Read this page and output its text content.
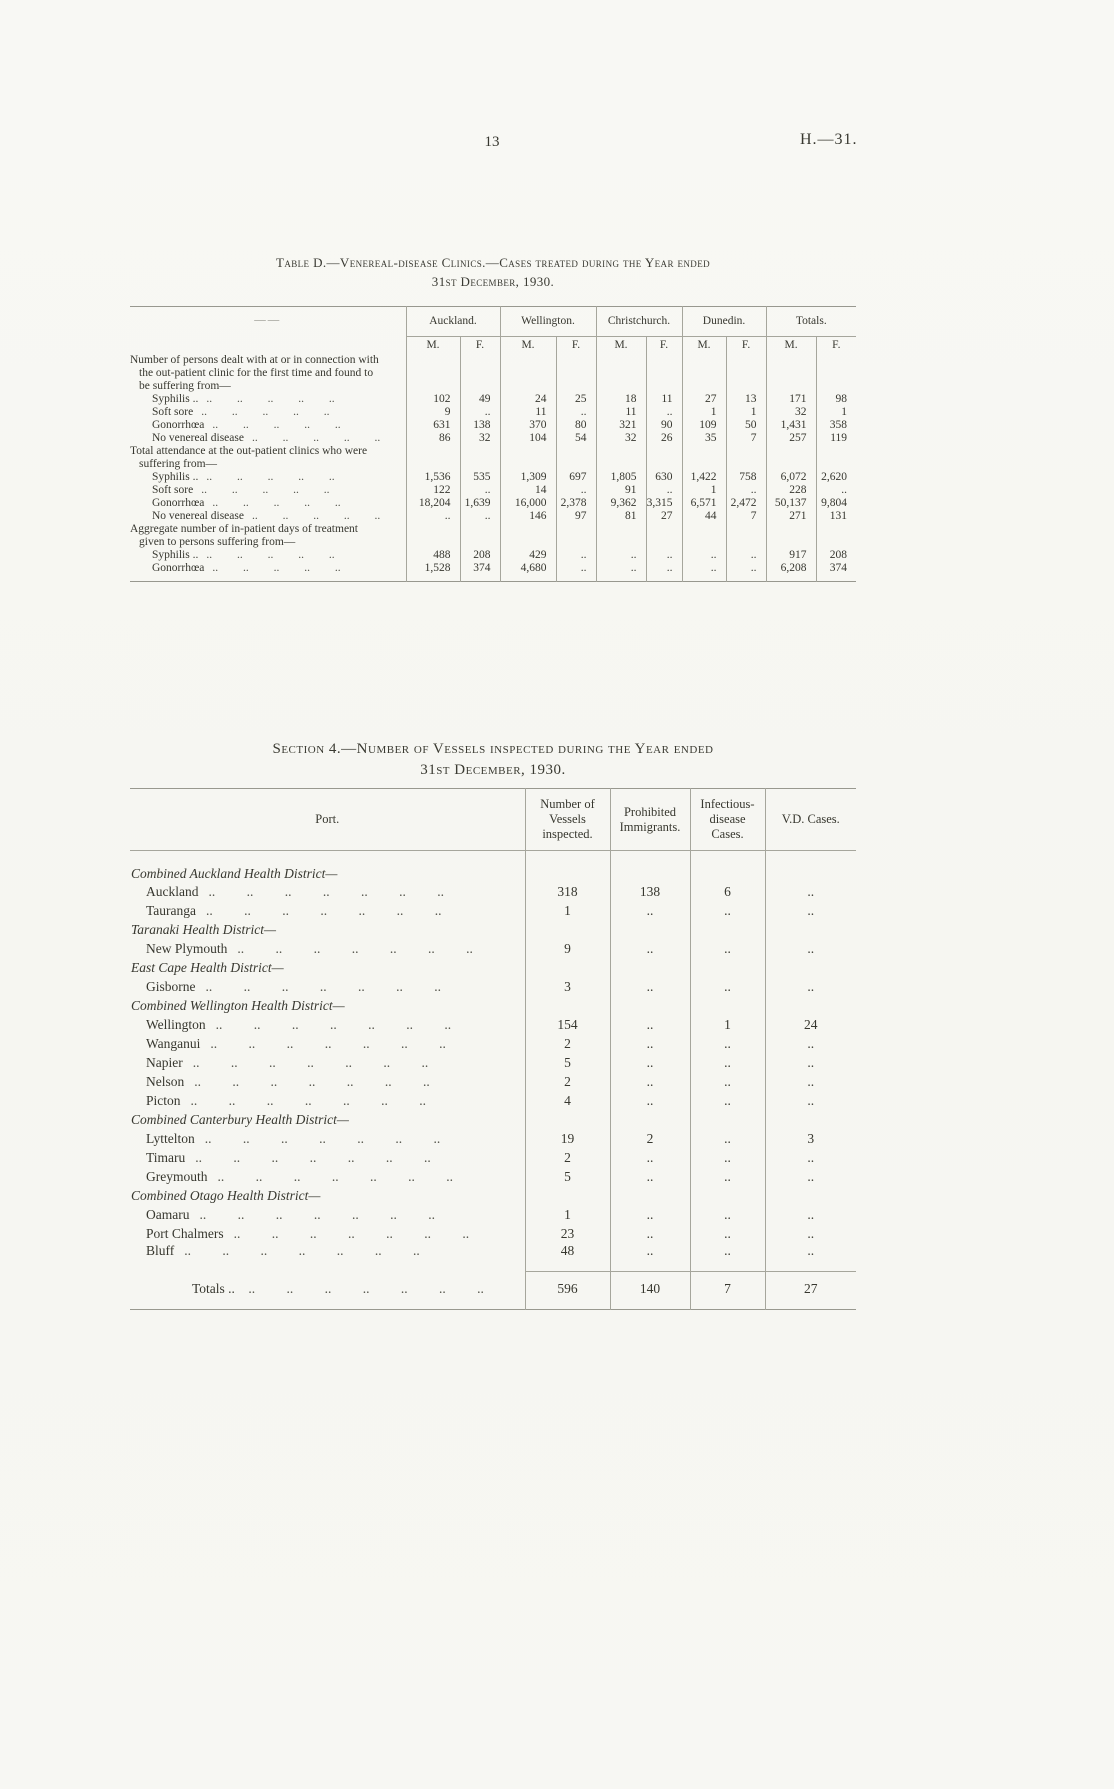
13	H.—31.
Table D.—Venereal-disease Clinics.—Cases treated during the Year ended
31st December, 1930.
——	Auckland.		Wellington.		Christchurch.		Dunedin.		Totals.	
	M.	F.	M.	F.	M.	F.	M.	F.	M.	F.
Number of persons dealt with at or in connection with the out-patient clinic for the first time and found to be suffering from—										
Syphilis .. .. .. .. .. ..	102	49	24	25	18	11	27	13	171	98
Soft sore .. .. .. .. ..	9	..	11	..	11	..	1	1	32	1
Gonorrhœa .. .. .. .. ..	631	138	370	80	321	90	109	50	1,431	358
No venereal disease .. .. .. .. ..	86	32	104	54	32	26	35	7	257	119
Total attendance at the out-patient clinics who were suffering from—										
Syphilis .. .. .. .. .. ..	1,536	535	1,309	697	1,805	630	1,422	758	6,072	2,620
Soft sore .. .. .. .. ..	122	..	14	..	91	..	1	..	228	..
Gonorrhœa .. .. .. .. ..	18,204	1,639	16,000	2,378	9,362	3,315	6,571	2,472	50,137	9,804
No venereal disease .. .. .. .. ..	..	..	146	97	81	27	44	7	271	131
Aggregate number of in-patient days of treatment given to persons suffering from—										
Syphilis .. .. .. .. .. ..	488	208	429	..	..	..	..	..	917	208
Gonorrhœa .. .. .. .. ..	1,528	374	4,680	..	..	..	..	..	6,208	374
Section 4.—Number of Vessels inspected during the Year ended
31st December, 1930.
Port.	Number of Vessels inspected.	Prohibited Immigrants.	Infectious-disease Cases.	V.D. Cases.
Combined Auckland Health District—				
Auckland .. .. .. .. .. .. ..	318	138	6	..
Tauranga .. .. .. .. .. .. ..	1	..	..	..
Taranaki Health District—				
New Plymouth .. .. .. .. .. .. ..	9	..	..	..
East Cape Health District—				
Gisborne .. .. .. .. .. .. ..	3	..	..	..
Combined Wellington Health District—				
Wellington .. .. .. .. .. .. ..	154	..	1	24
Wanganui .. .. .. .. .. .. ..	2	..	..	..
Napier .. .. .. .. .. .. ..	5	..	..	..
Nelson .. .. .. .. .. .. ..	2	..	..	..
Picton .. .. .. .. .. .. ..	4	..	..	..
Combined Canterbury Health District—				
Lyttelton .. .. .. .. .. .. ..	19	2	..	3
Timaru .. .. .. .. .. .. ..	2	..	..	..
Greymouth .. .. .. .. .. .. ..	5	..	..	..
Combined Otago Health District—				
Oamaru .. .. .. .. .. .. ..	1	..	..	..
Port Chalmers .. .. .. .. .. .. ..	23	..	..	..
Bluff .. .. .. .. .. .. ..	48	..	..	..
Totals .. .. .. .. .. .. .. ..	596	140	7	27
